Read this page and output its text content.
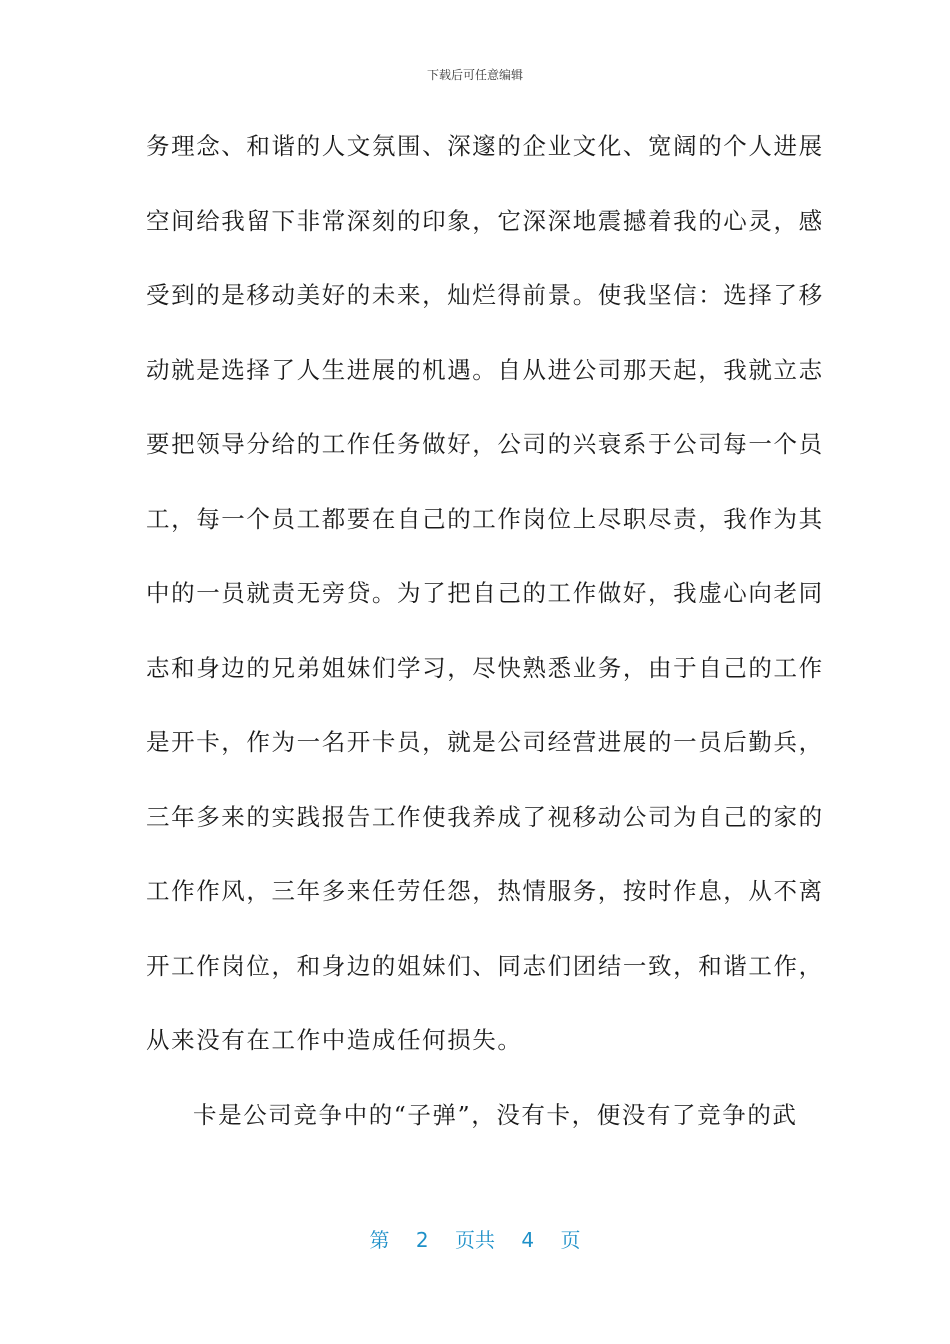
下载后可任意编辑
务理念、和谐的人文氛围、深邃的企业文化、宽阔的个人进展
空间给我留下非常深刻的印象，它深深地震撼着我的心灵，感
受到的是移动美好的未来，灿烂得前景。使我坚信：选择了移
动就是选择了人生进展的机遇。自从进公司那天起，我就立志
要把领导分给的工作任务做好，公司的兴衰系于公司每一个员
工，每一个员工都要在自己的工作岗位上尽职尽责，我作为其
中的一员就责无旁贷。为了把自己的工作做好，我虚心向老同
志和身边的兄弟姐妹们学习，尽快熟悉业务，由于自己的工作
是开卡，作为一名开卡员，就是公司经营进展的一员后勤兵，
三年多来的实践报告工作使我养成了视移动公司为自己的家的
工作作风，三年多来任劳任怨，热情服务，按时作息，从不离
开工作岗位，和身边的姐妹们、同志们团结一致，和谐工作，
从来没有在工作中造成任何损失。
卡是公司竞争中的“子弹”，没有卡，便没有了竞争的武
第 2 页共 4 页
